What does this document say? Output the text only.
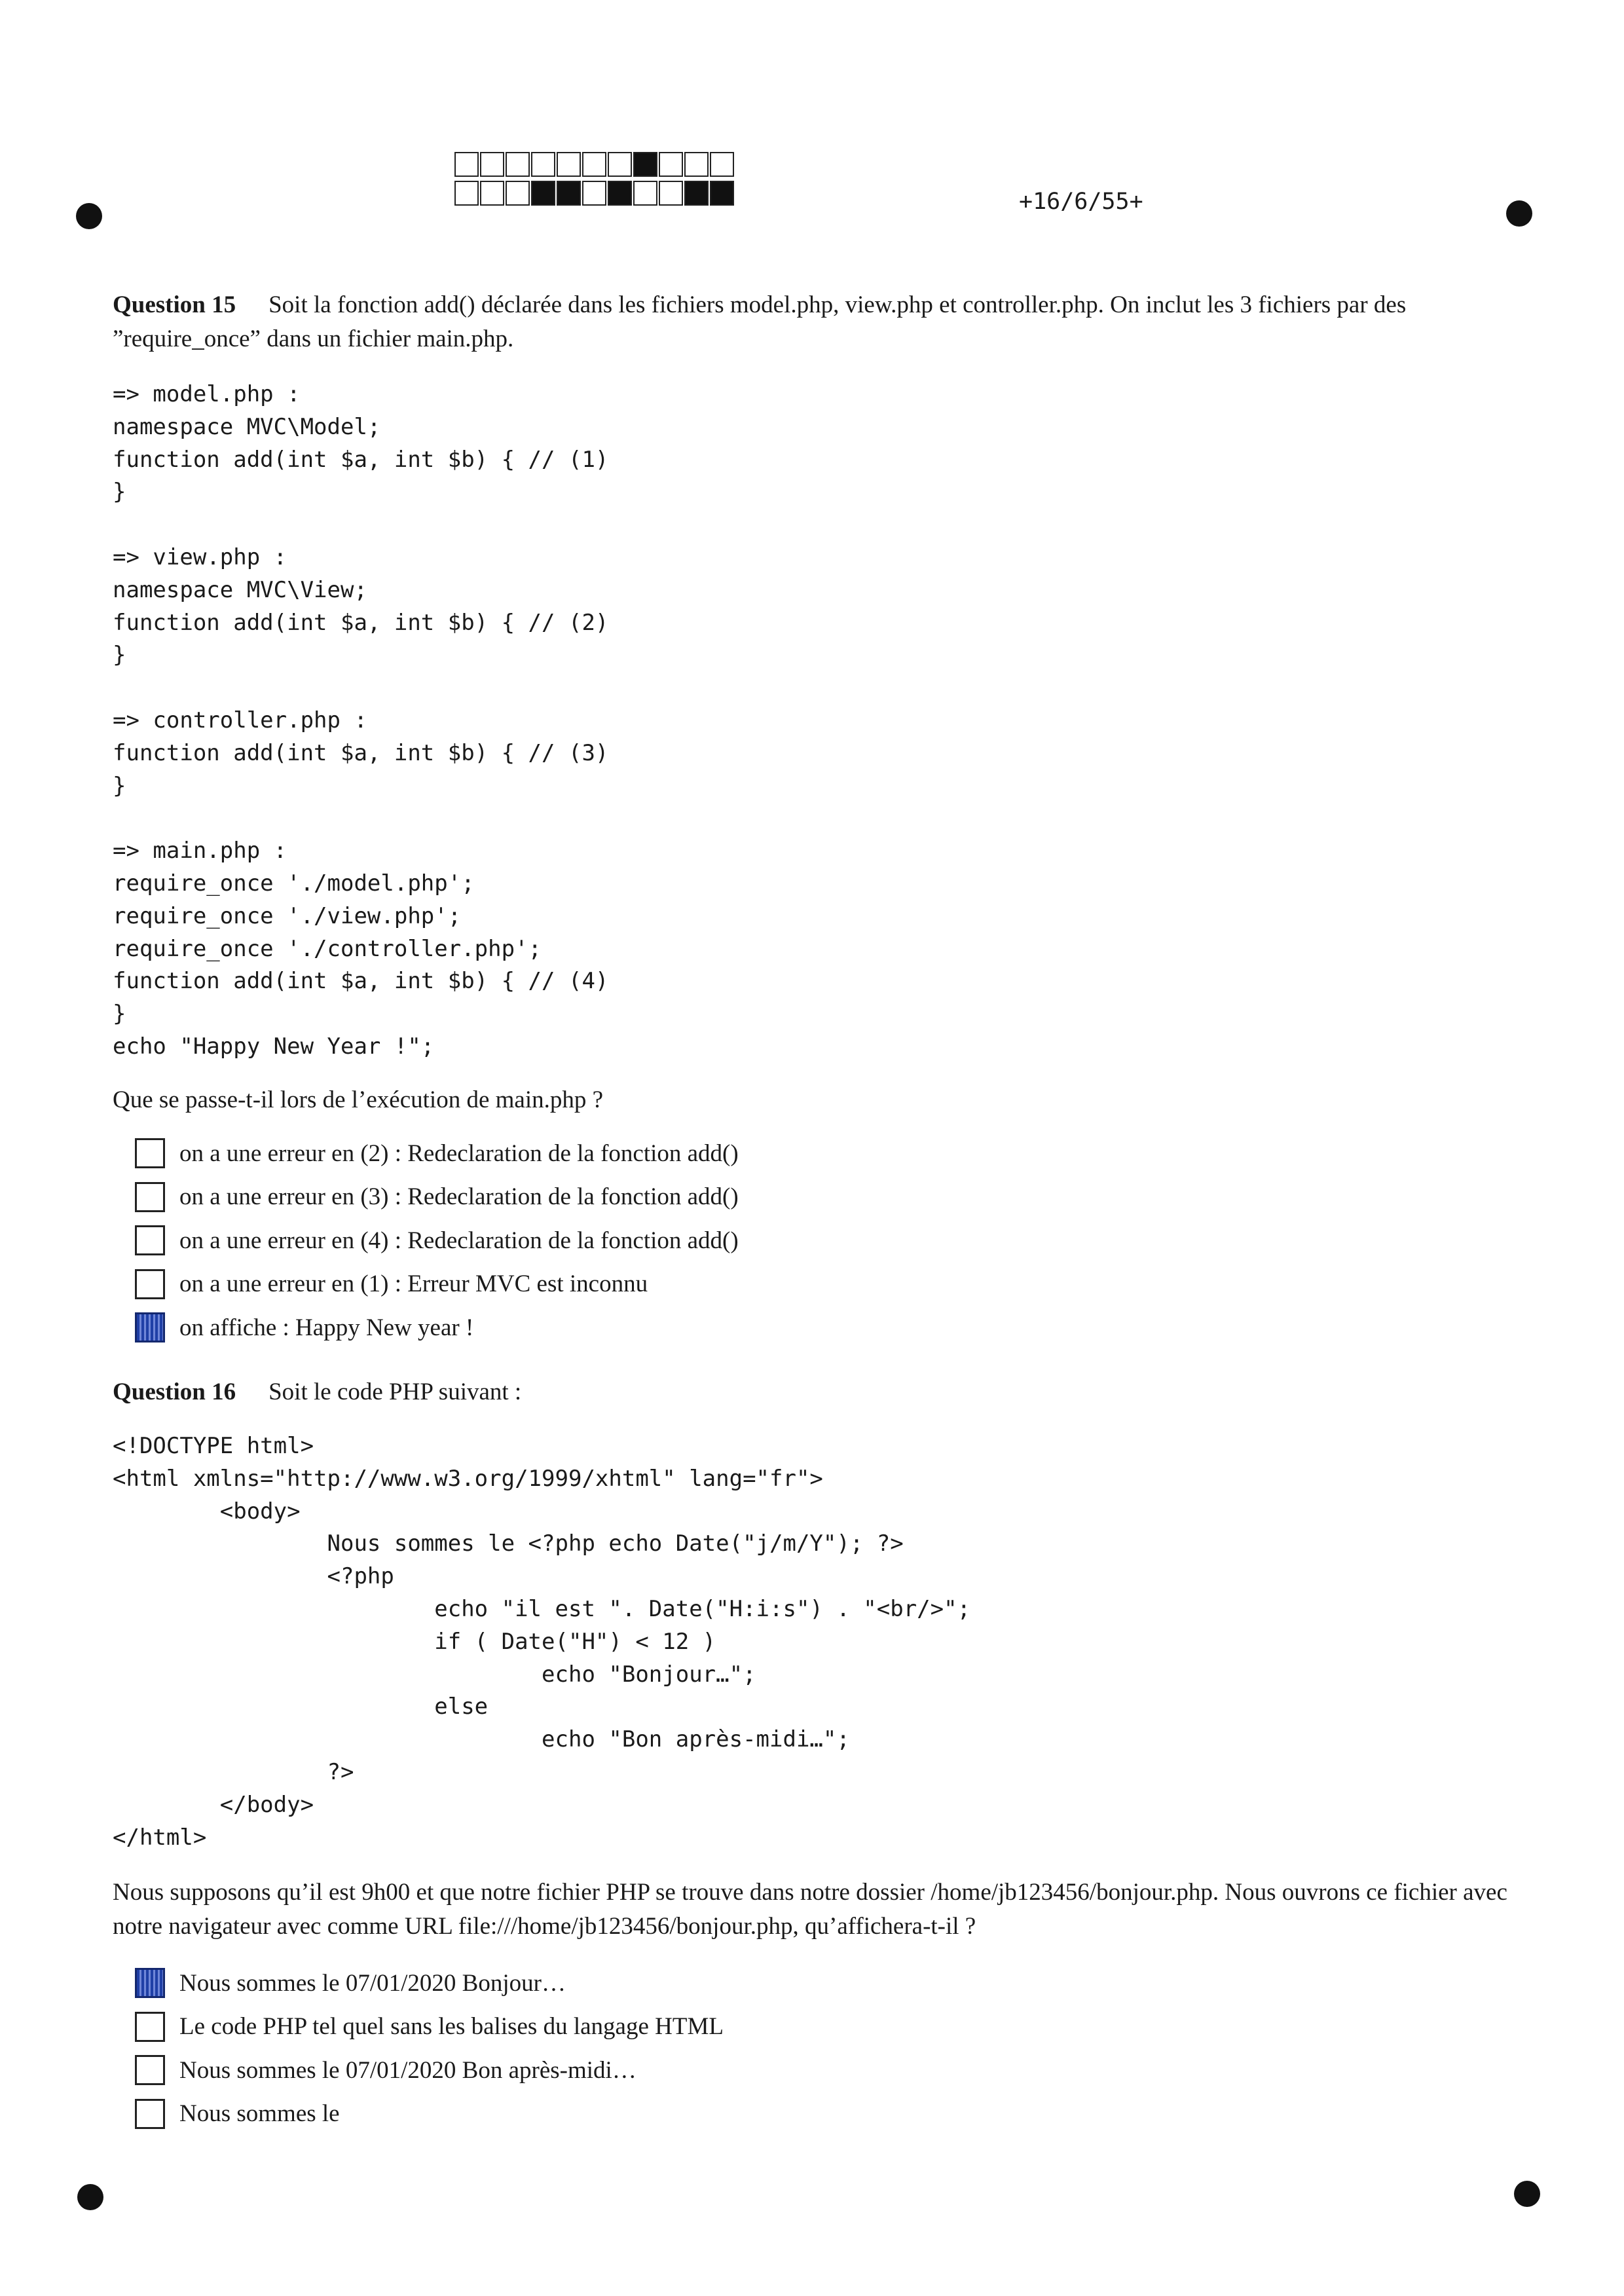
+16/6/55+

Question 15 Soit la fonction add() déclarée dans les fichiers model.php, view.php et controller.php. On inclut les 3 fichiers par des ”require_once” dans un fichier main.php.

=> model.php :
namespace MVC\Model;
function add(int $a, int $b) { // (1)
}

=> view.php :
namespace MVC\View;
function add(int $a, int $b) { // (2)
}

=> controller.php :
function add(int $a, int $b) { // (3)
}

=> main.php :
require_once './model.php';
require_once './view.php';
require_once './controller.php';
function add(int $a, int $b) { // (4)
}
echo "Happy New Year !";

Que se passe-t-il lors de l’exécution de main.php ?

on a une erreur en (2) : Redeclaration de la fonction add()
on a une erreur en (3) : Redeclaration de la fonction add()
on a une erreur en (4) : Redeclaration de la fonction add()
on a une erreur en (1) : Erreur MVC est inconnu
on affiche : Happy New year !

Question 16 Soit le code PHP suivant :

<!DOCTYPE html>
<html xmlns="http://www.w3.org/1999/xhtml" lang="fr">
<body>
Nous sommes le <?php echo Date("j/m/Y"); ?>
<?php
echo "il est ". Date("H:i:s") . "<br/>";
if ( Date("H") < 12 )
echo "Bonjour…";
else
echo "Bon après-midi…";
?>
</body>
</html>

Nous supposons qu’il est 9h00 et que notre fichier PHP se trouve dans notre dossier /home/jb123456/bonjour.php. Nous ouvrons ce fichier avec notre navigateur avec comme URL file:///home/jb123456/bonjour.php, qu’affichera-t-il ?

Nous sommes le 07/01/2020 Bonjour…
Le code PHP tel quel sans les balises du langage HTML
Nous sommes le 07/01/2020 Bon après-midi…
Nous sommes le
